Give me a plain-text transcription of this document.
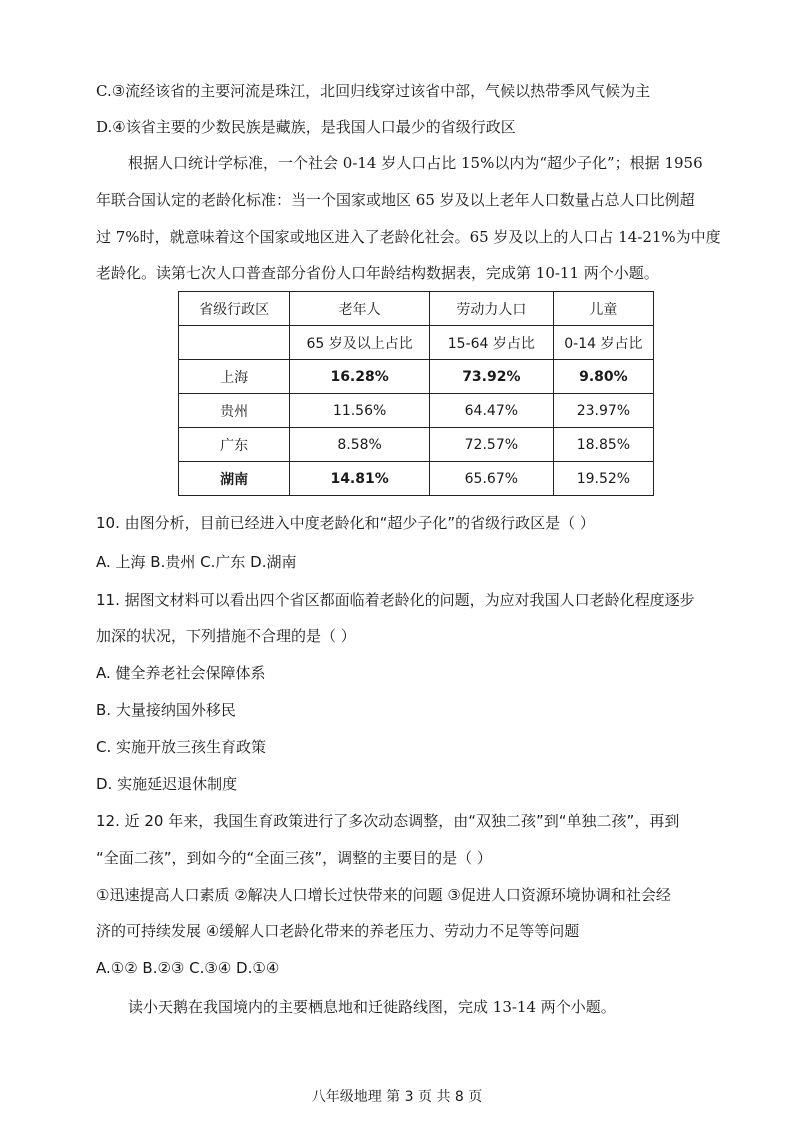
C.③流经该省的主要河流是珠江，北回归线穿过该省中部，气候以热带季风气候为主
D.④该省主要的少数民族是藏族，是我国人口最少的省级行政区
根据人口统计学标准，一个社会 0-14 岁人口占比 15%以内为“超少子化”；根据 1956
年联合国认定的老龄化标准：当一个国家或地区 65 岁及以上老年人口数量占总人口比例超
过 7%时，就意味着这个国家或地区进入了老龄化社会。65 岁及以上的人口占 14-21%为中度
老龄化。读第七次人口普查部分省份人口年龄结构数据表，完成第 10-11 两个小题。
省级行政区	老年人	劳动力人口	儿童
	65 岁及以上占比	15-64 岁占比	0-14 岁占比
上海	16.28%	73.92%	9.80%
贵州	11.56%	64.47%	23.97%
广东	8.58%	72.57%	18.85%
湖南	14.81%	65.67%	19.52%
10. 由图分析，目前已经进入中度老龄化和“超少子化”的省级行政区是（ ）
A. 上海 B.贵州 C.广东 D.湖南
11. 据图文材料可以看出四个省区都面临着老龄化的问题，为应对我国人口老龄化程度逐步
加深的状况，下列措施不合理的是（ ）
A. 健全养老社会保障体系
B. 大量接纳国外移民
C. 实施开放三孩生育政策
D. 实施延迟退休制度
12. 近 20 年来，我国生育政策进行了多次动态调整，由“双独二孩”到“单独二孩”，再到
“全面二孩”，到如今的“全面三孩”，调整的主要目的是（ ）
①迅速提高人口素质 ②解决人口增长过快带来的问题 ③促进人口资源环境协调和社会经
济的可持续发展 ④缓解人口老龄化带来的养老压力、劳动力不足等等问题
A.①② B.②③ C.③④ D.①④
读小天鹅在我国境内的主要栖息地和迁徙路线图，完成 13-14 两个小题。
八年级地理 第 3 页 共 8 页
